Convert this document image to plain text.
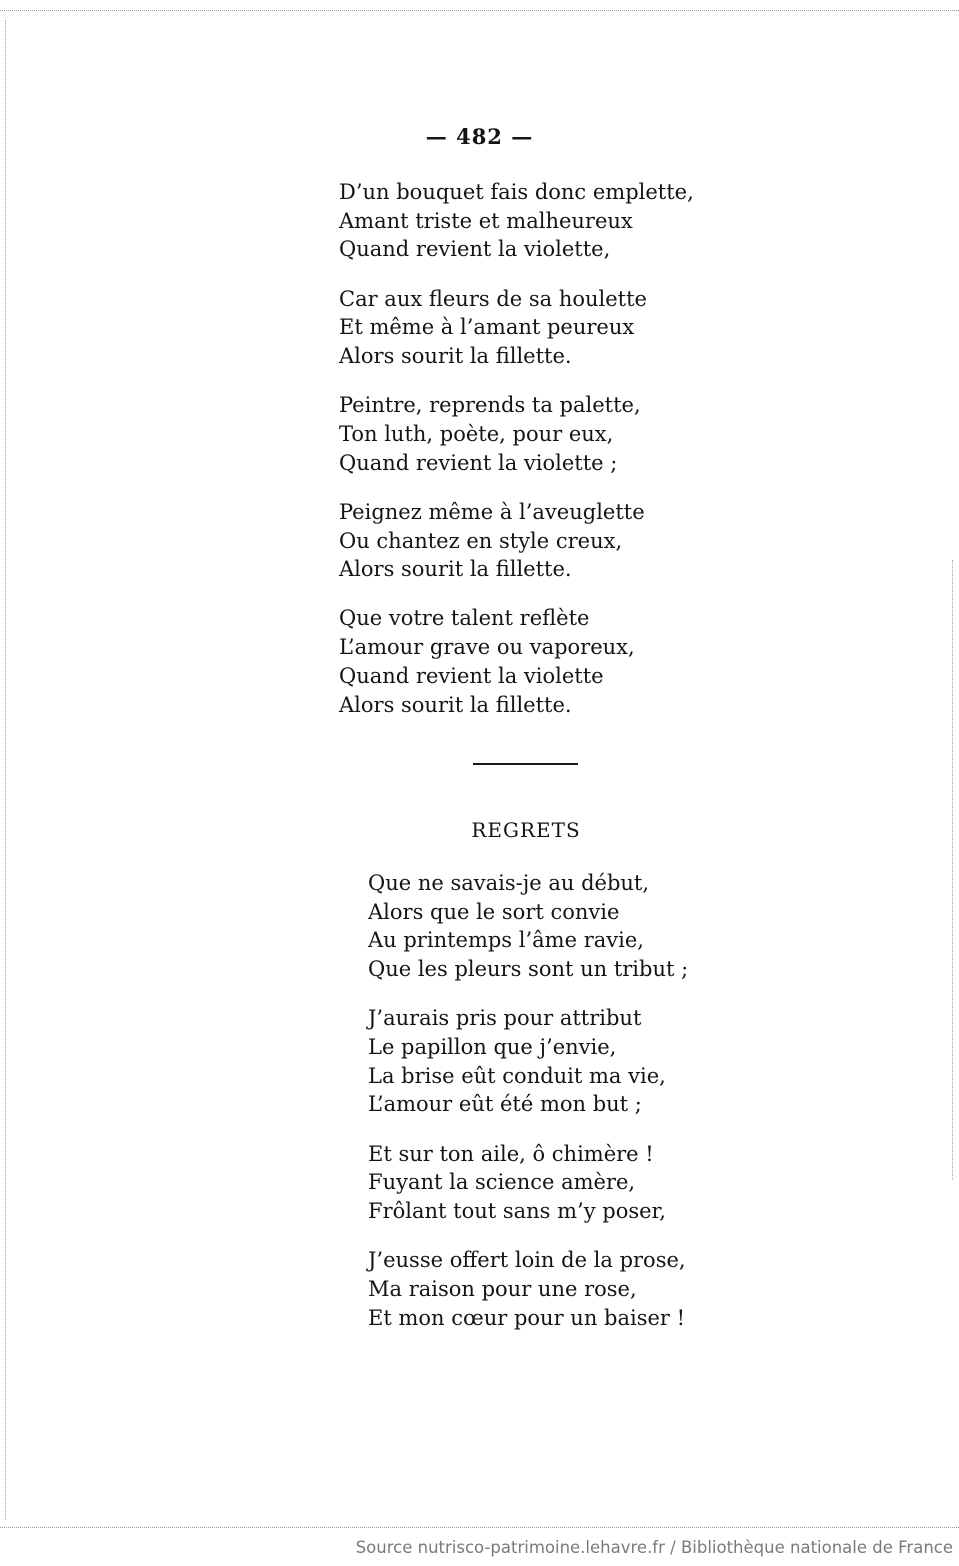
— 482 —
D’un bouquet fais donc emplette,
Amant triste et malheureux
Quand revient la violette,
Car aux fleurs de sa houlette
Et même à l’amant peureux
Alors sourit la fillette.
Peintre, reprends ta palette,
Ton luth, poète, pour eux,
Quand revient la violette ;
Peignez même à l’aveuglette
Ou chantez en style creux,
Alors sourit la fillette.
Que votre talent reflète
L’amour grave ou vaporeux,
Quand revient la violette
Alors sourit la fillette.
REGRETS
Que ne savais-je au début,
Alors que le sort convie
Au printemps l’âme ravie,
Que les pleurs sont un tribut ;
J’aurais pris pour attribut
Le papillon que j’envie,
La brise eût conduit ma vie,
L’amour eût été mon but ;
Et sur ton aile, ô chimère !
Fuyant la science amère,
Frôlant tout sans m’y poser,
J’eusse offert loin de la prose,
Ma raison pour une rose,
Et mon cœur pour un baiser !
Source nutrisco-patrimoine.lehavre.fr / Bibliothèque nationale de France
